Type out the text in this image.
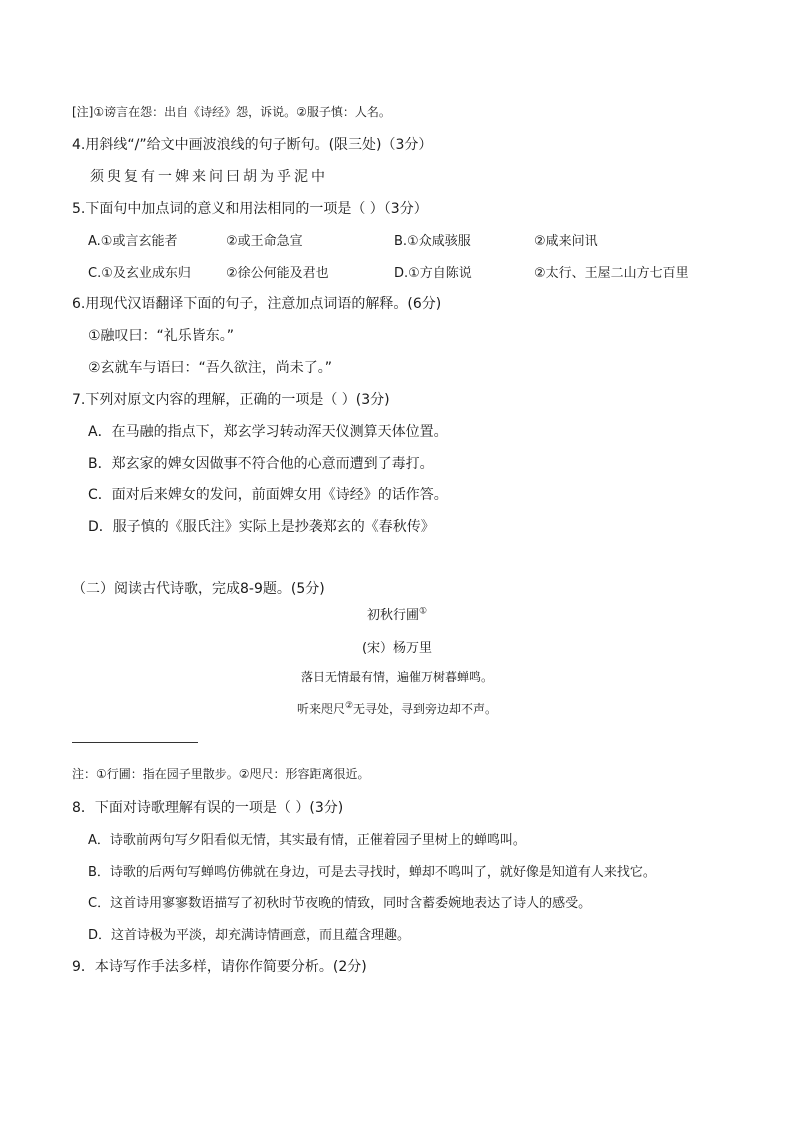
[注]①谤言在怨：出自《诗经》怨，诉说。②服子慎：人名。
4.用斜线“/”给文中画波浪线的句子断句。(限三处)（3分）
须臾复有一婢来问曰胡为乎泥中
5.下面句中加点词的意义和用法相同的一项是（ ）（3分）
A.①或言玄能者	②或王命急宣	B.①众咸骇服	②咸来问讯
C.①及玄业成东归	②徐公何能及君也	D.①方自陈说	②太行、王屋二山方七百里
6.用现代汉语翻译下面的句子，注意加点词语的解释。(6分)
①融叹曰：“礼乐皆东。”
②玄就车与语曰：“吾久欲注，尚未了。”
7.下列对原文内容的理解，正确的一项是（ ）(3分)
A．在马融的指点下，郑玄学习转动浑天仪测算天体位置。
B．郑玄家的婢女因做事不符合他的心意而遭到了毒打。
C．面对后来婢女的发问，前面婢女用《诗经》的话作答。
D．服子慎的《服氏注》实际上是抄袭郑玄的《春秋传》
（二）阅读古代诗歌，完成8-9题。(5分)
初秋行圃①
(宋）杨万里
落日无情最有情，遍催万树暮蝉鸣。
听来咫尺②无寻处，寻到旁边却不声。
注：①行圃：指在园子里散步。②咫尺：形容距离很近。
8．下面对诗歌理解有误的一项是（ ）(3分)
A．诗歌前两句写夕阳看似无情，其实最有情，正催着园子里树上的蝉鸣叫。
B．诗歌的后两句写蝉鸣仿佛就在身边，可是去寻找时，蝉却不鸣叫了，就好像是知道有人来找它。
C．这首诗用寥寥数语描写了初秋时节夜晚的情致，同时含蓄委婉地表达了诗人的感受。
D．这首诗极为平淡，却充满诗情画意，而且蕴含理趣。
9．本诗写作手法多样，请你作简要分析。(2分)
